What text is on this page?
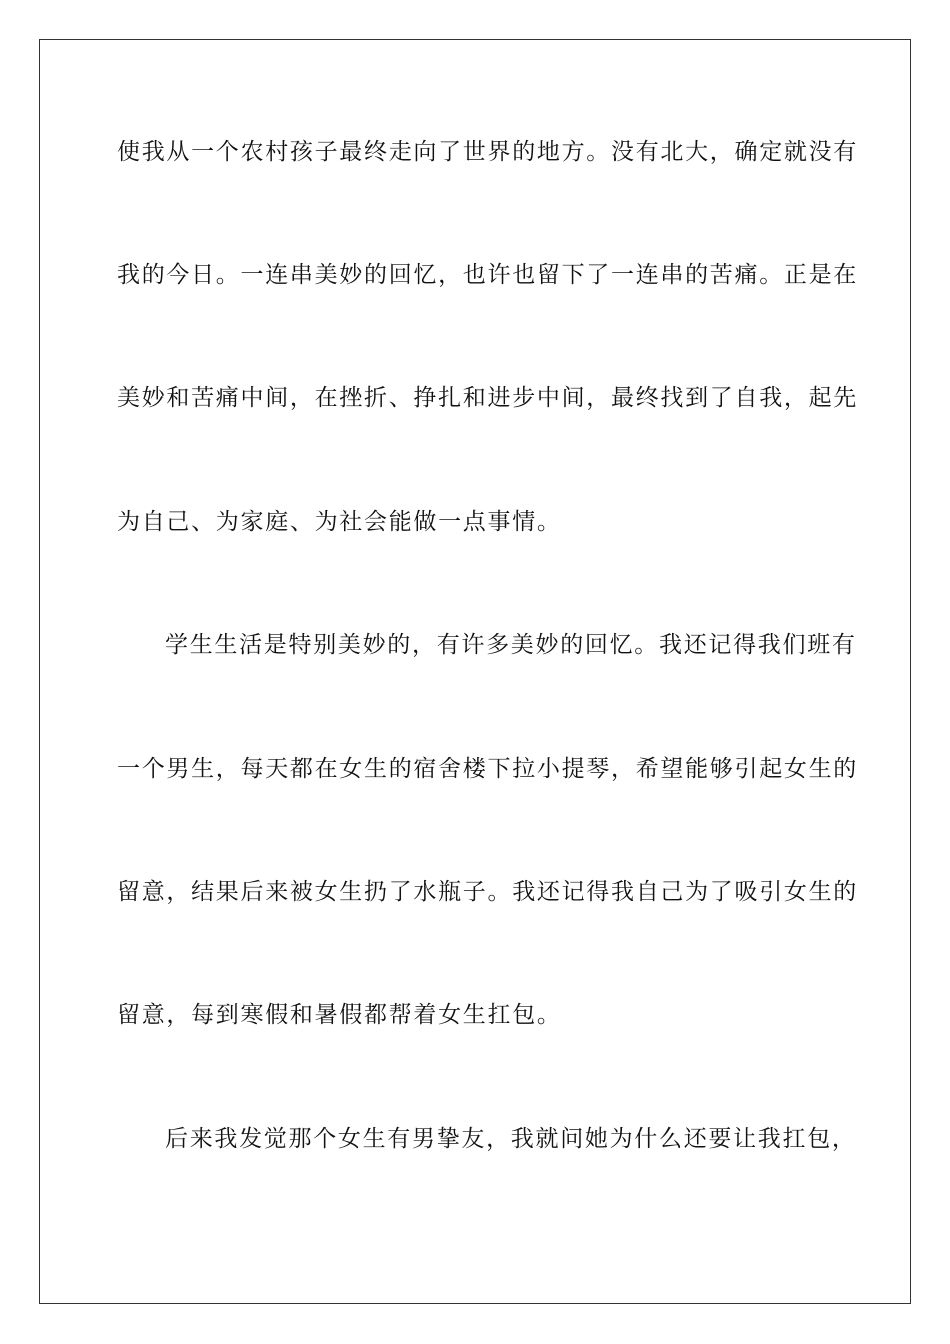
使我从一个农村孩子最终走向了世界的地方。没有北大，确定就没有
我的今日。一连串美妙的回忆，也许也留下了一连串的苦痛。正是在
美妙和苦痛中间，在挫折、挣扎和进步中间，最终找到了自我，起先
为自己、为家庭、为社会能做一点事情。
学生生活是特别美妙的，有许多美妙的回忆。我还记得我们班有
一个男生，每天都在女生的宿舍楼下拉小提琴，希望能够引起女生的
留意，结果后来被女生扔了水瓶子。我还记得我自己为了吸引女生的
留意，每到寒假和暑假都帮着女生扛包。
后来我发觉那个女生有男挚友，我就问她为什么还要让我扛包，
